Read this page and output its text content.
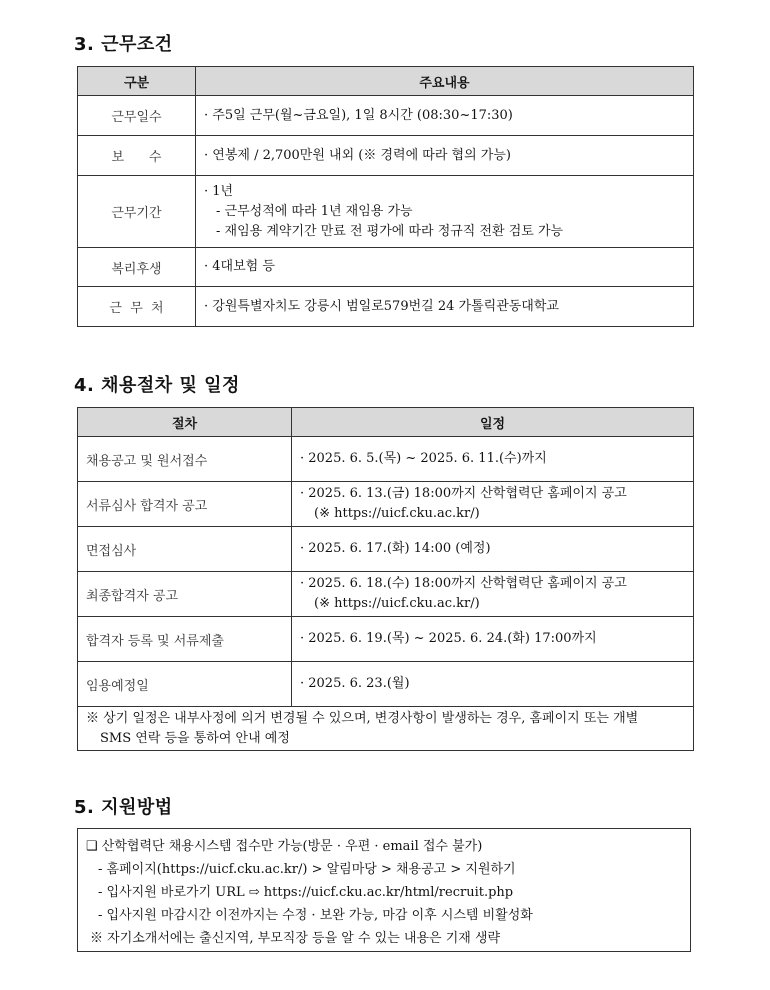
3. 근무조건
구분	주요내용
근무일수	· 주5일 근무(월~금요일), 1일 8시간 (08:30~17:30)

보      수	· 연봉제 / 2,700만원 내외 (※ 경력에 따라 협의 가능)

근무기간	· 1년
- 근무성적에 따라 1년 재임용 가능
- 재임용 계약기간 만료 전 평가에 따라 정규직 전환 검토 가능

복리후생	· 4대보험 등

근  무  처	· 강원특별자치도 강릉시 범일로579번길 24 가톨릭관동대학교
4. 채용절차 및 일정
절차	일정
채용공고 및 원서접수	· 2025. 6. 5.(목) ~ 2025. 6. 11.(수)까지

서류심사 합격자 공고	· 2025. 6. 13.(금) 18:00까지 산학협력단 홈페이지 공고
(※ https://uicf.cku.ac.kr/)

면접심사	· 2025. 6. 17.(화) 14:00 (예정)

최종합격자 공고	· 2025. 6. 18.(수) 18:00까지 산학협력단 홈페이지 공고
(※ https://uicf.cku.ac.kr/)

합격자 등록 및 서류제출	· 2025. 6. 19.(목) ~ 2025. 6. 24.(화) 17:00까지

임용예정일	· 2025. 6. 23.(월)

※ 상기 일정은 내부사정에 의거 변경될 수 있으며, 변경사항이 발생하는 경우, 홈페이지 또는 개별
SMS 연락 등을 통하여 안내 예정	
5. 지원방법
❑ 산학협력단 채용시스템 접수만 가능(방문 · 우편 · email 접수 불가)
- 홈페이지(https://uicf.cku.ac.kr/) > 알림마당 > 채용공고 > 지원하기
- 입사지원 바로가기 URL ⇨ https://uicf.cku.ac.kr/html/recruit.php
- 입사지원 마감시간 이전까지는 수정 · 보완 가능, 마감 이후 시스템 비활성화
※ 자기소개서에는 출신지역, 부모직장 등을 알 수 있는 내용은 기재 생략
